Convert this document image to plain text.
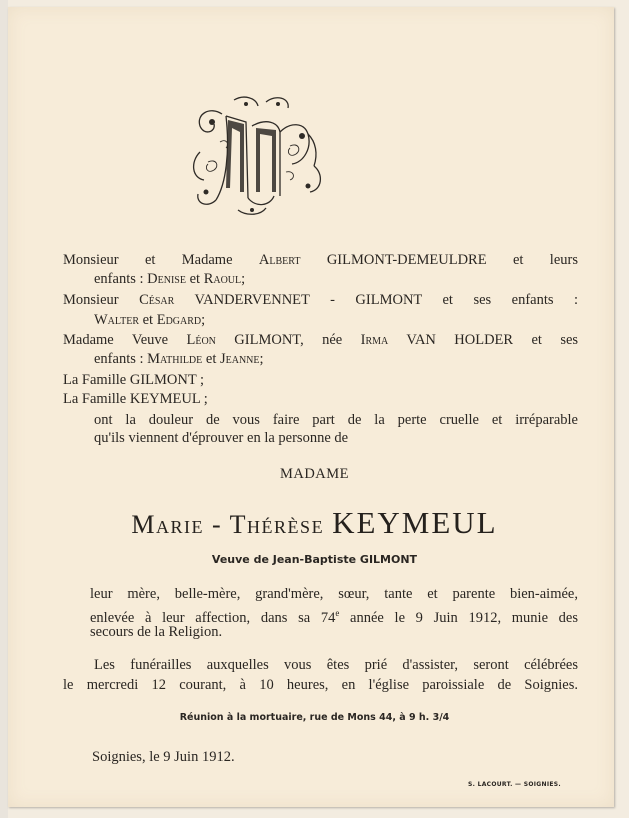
Monsieur et Madame Albert GILMONT-DEMEULDRE et leurs
enfants : Denise et Raoul;
Monsieur César VANDERVENNET - GILMONT et ses enfants :
Walter et Edgard;
Madame Veuve Léon GILMONT, née Irma VAN HOLDER et ses
enfants : Mathilde et Jeanne;
La Famille GILMONT ;
La Famille KEYMEUL ;
ont la douleur de vous faire part de la perte cruelle et irréparable
qu'ils viennent d'éprouver en la personne de
MADAME
Marie - Thérèse KEYMEUL
Veuve de Jean-Baptiste GILMONT
leur mère, belle-mère, grand'mère, sœur, tante et parente bien-aimée,
enlevée à leur affection, dans sa 74e année le 9 Juin 1912, munie des
secours de la Religion.
Les funérailles auxquelles vous êtes prié d'assister, seront célébrées
le mercredi 12 courant, à 10 heures, en l'église paroissiale de Soignies.
Réunion à la mortuaire, rue de Mons 44, à 9 h. 3/4
Soignies, le 9 Juin 1912.
S. LACOURT. — SOIGNIES.
